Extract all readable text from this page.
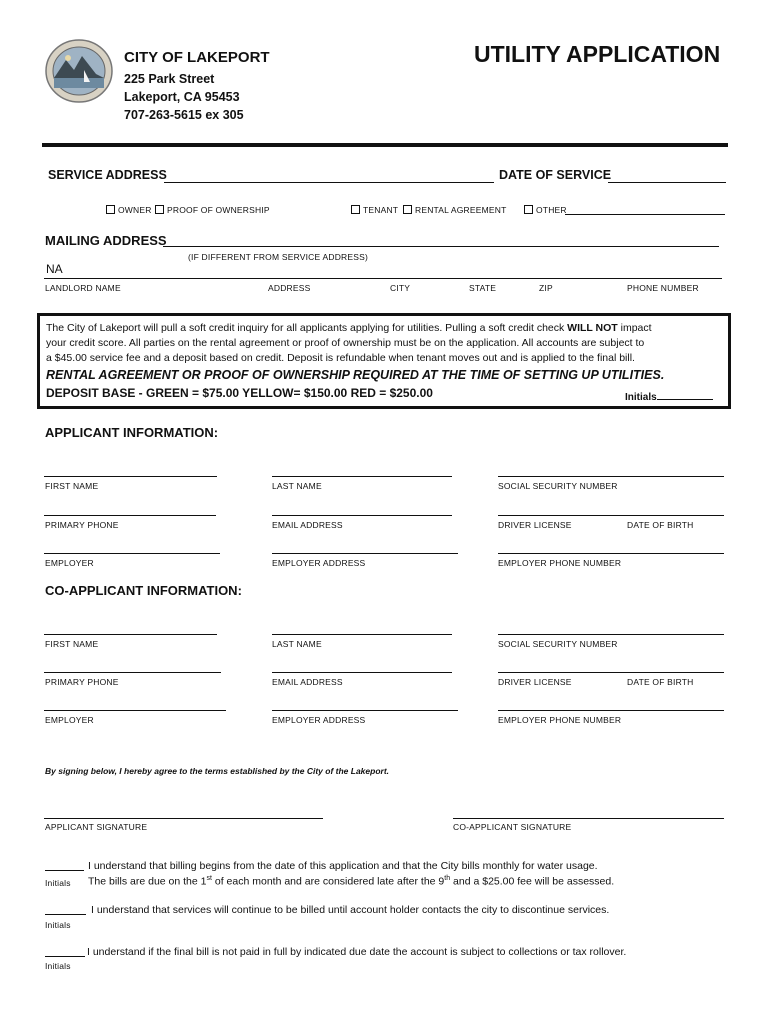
CITY OF LAKEPORT
225 Park Street
Lakeport, CA 95453
707-263-5615 ex 305
UTILITY APPLICATION
SERVICE ADDRESS	DATE OF SERVICE
OWNER	PROOF OF OWNERSHIP	TENANT	RENTAL AGREEMENT	OTHER
MAILING ADDRESS
(IF DIFFERENT FROM SERVICE ADDRESS)
NA
LANDLORD NAME	ADDRESS	CITY	STATE	ZIP	PHONE NUMBER
The City of Lakeport will pull a soft credit inquiry for all applicants applying for utilities. Pulling a soft credit check WILL NOT impact
your credit score. All parties on the rental agreement or proof of ownership must be on the application. All accounts are subject to
a $45.00 service fee and a deposit based on credit. Deposit is refundable when tenant moves out and is applied to the final bill.
RENTAL AGREEMENT OR PROOF OF OWNERSHIP REQUIRED AT THE TIME OF SETTING UP UTILITIES.
DEPOSIT BASE - GREEN = $75.00 YELLOW= $150.00 RED = $250.00	Initials
APPLICANT INFORMATION:
FIRST NAME	LAST NAME	SOCIAL SECURITY NUMBER
PRIMARY PHONE	EMAIL ADDRESS	DRIVER LICENSE	DATE OF BIRTH
EMPLOYER	EMPLOYER ADDRESS	EMPLOYER PHONE NUMBER
CO-APPLICANT INFORMATION:
FIRST NAME	LAST NAME	SOCIAL SECURITY NUMBER
PRIMARY PHONE	EMAIL ADDRESS	DRIVER LICENSE	DATE OF BIRTH
EMPLOYER	EMPLOYER ADDRESS	EMPLOYER PHONE NUMBER
By signing below, I hereby agree to the terms established by the City of the Lakeport.
APPLICANT SIGNATURE	CO-APPLICANT SIGNATURE
I understand that billing begins from the date of this application and that the City bills monthly for water usage.
Initials The bills are due on the 1st of each month and are considered late after the 9th and a $25.00 fee will be assessed.
I understand that services will continue to be billed until account holder contacts the city to discontinue services.
Initials
I understand if the final bill is not paid in full by indicated due date the account is subject to collections or tax rollover.
Initials
